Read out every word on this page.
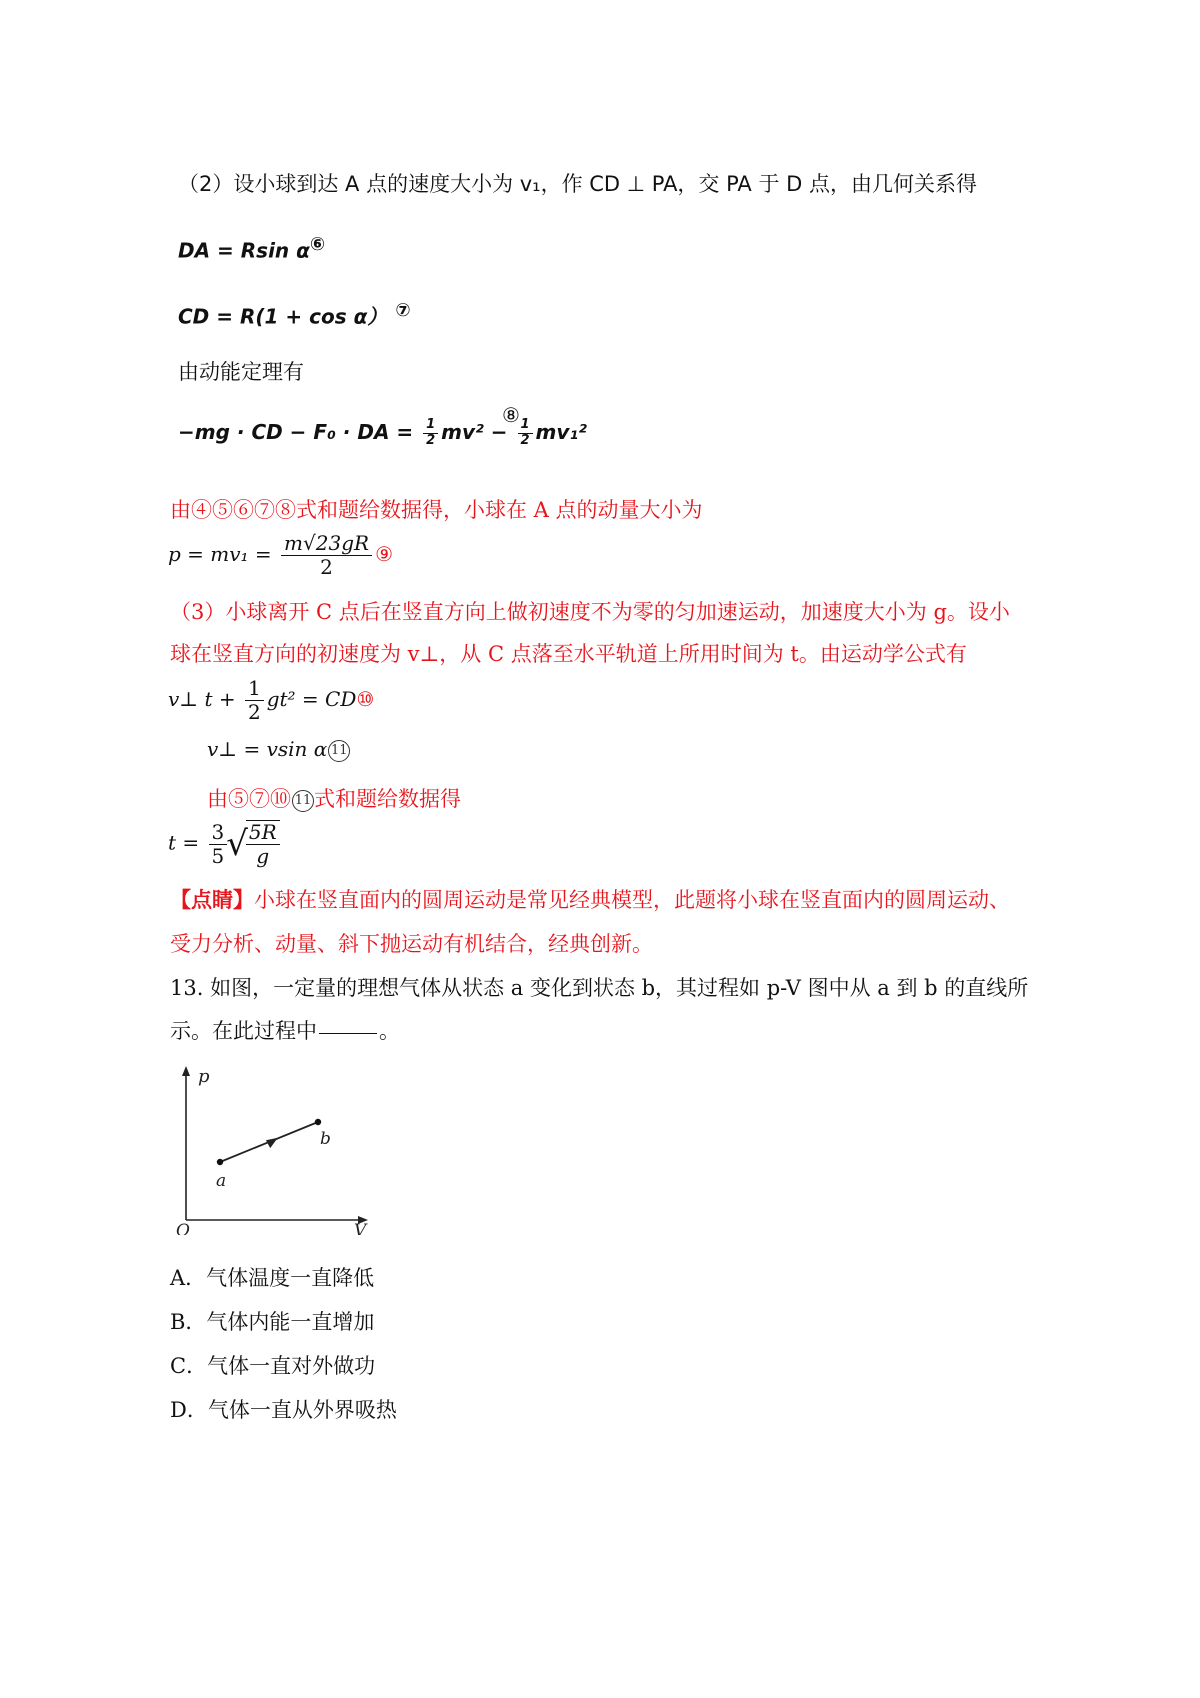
（2）设小球到达 A 点的速度大小为 v₁，作 CD ⊥ PA，交 PA 于 D 点，由几何关系得
DA = Rsin α⑥
CD = R(1 + cos α） ⑦
由动能定理有
−mg · CD − F₀ · DA = $\frac{1}{2} mv^2 - \frac{1}{2} mv_1^2$
⑧
由④⑤⑥⑦⑧式和题给数据得，小球在 A 点的动量大小为
$p = mv_1 = \frac{m√23gR}{2}$ ⑨
（3）小球离开 C 点后在竖直方向上做初速度不为零的匀加速运动，加速度大小为 g。设小
球在竖直方向的初速度为 v⊥，从 C 点落至水平轨道上所用时间为 t。由运动学公式有
v⊥ $t + \frac{1}{2} gt^2$ = CD⑩
v⊥ = vsin α 11
由⑤⑦⑩ 11 式和题给数据得
$t = \frac{3}{5}$ √
$\frac{5R}{g}$
【点睛】小球在竖直面内的圆周运动是常见经典模型，此题将小球在竖直面内的圆周运动、
受力分析、动量、斜下抛运动有机结合，经典创新。
13. 如图，一定量的理想气体从状态 a 变化到状态 b，其过程如 p-V 图中从 a 到 b 的直线所
示。在此过程中	。
p
V
O
a
b
A．气体温度一直降低
B．气体内能一直增加
C．气体一直对外做功
D．气体一直从外界吸热
